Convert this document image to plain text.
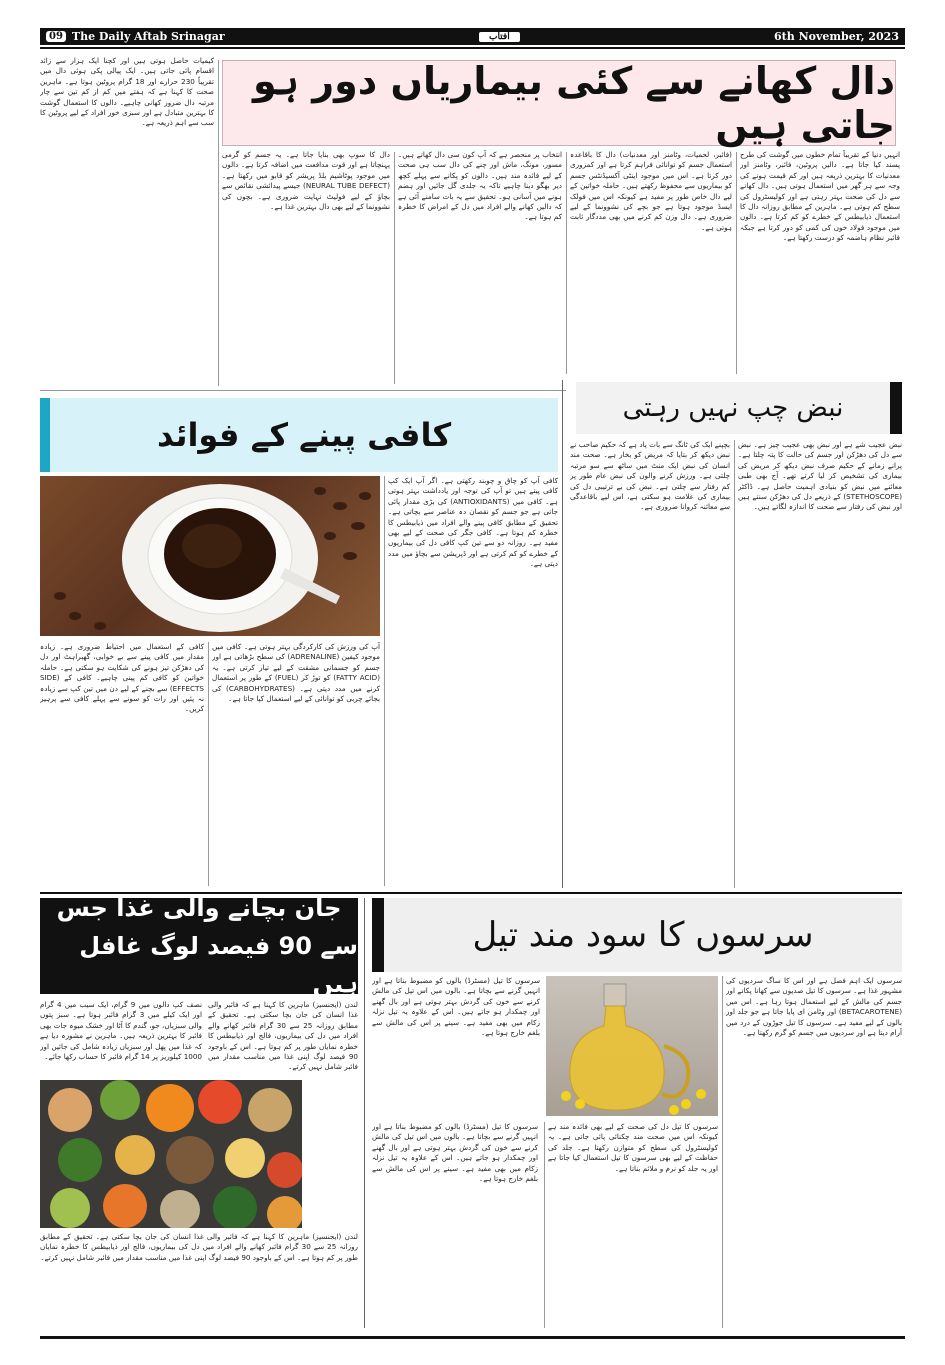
09 The Daily Aftab Srinagar	آفتاب	6th November, 2023
دال کھانے سے کئی بیماریاں دور ہو جاتی ہیں

انہیں دنیا کے تقریباً تمام خطوں میں گوشت کی طرح پسند کیا جاتا ہے۔ دالیں پروٹین، فائبر، وٹامنز اور معدنیات کا بہترین ذریعہ ہیں اور کم قیمت ہونے کی وجہ سے ہر گھر میں استعمال ہوتی ہیں۔ دال کھانے سے دل کی صحت بہتر رہتی ہے اور کولیسٹرول کی سطح کم ہوتی ہے۔ ماہرین کے مطابق روزانہ دال کا استعمال ذیابیطس کے خطرے کو کم کرتا ہے۔ دالوں میں موجود فولاد خون کی کمی کو دور کرتا ہے جبکہ فائبر نظام ہاضمہ کو درست رکھتا ہے۔

(فائبر، لحمیات، وٹامنز اور معدنیات) دال کا باقاعدہ استعمال جسم کو توانائی فراہم کرتا ہے اور کمزوری دور کرتا ہے۔ اس میں موجود اینٹی آکسیڈنٹس جسم کو بیماریوں سے محفوظ رکھتے ہیں۔ حاملہ خواتین کے لیے دال خاص طور پر مفید ہے کیونکہ اس میں فولک ایسڈ موجود ہوتا ہے جو بچے کی نشوونما کے لیے ضروری ہے۔ دال وزن کم کرنے میں بھی مددگار ثابت ہوتی ہے۔

انتخاب پر منحصر ہے کہ آپ کون سی دال کھاتے ہیں۔ مسور، مونگ، ماش اور چنے کی دال سب ہی صحت کے لیے فائدہ مند ہیں۔ دالوں کو پکانے سے پہلے کچھ دیر بھگو دینا چاہیے تاکہ یہ جلدی گل جائیں اور ہضم ہونے میں آسانی ہو۔ تحقیق سے یہ بات سامنے آئی ہے کہ دالیں کھانے والے افراد میں دل کے امراض کا خطرہ کم ہوتا ہے۔

دال کا سوپ بھی بنایا جاتا ہے۔ یہ جسم کو گرمی پہنچاتا ہے اور قوت مدافعت میں اضافہ کرتا ہے۔ دالوں میں موجود پوٹاشیم بلڈ پریشر کو قابو میں رکھتا ہے۔ (NEURAL TUBE DEFECT) جیسے پیدائشی نقائص سے بچاؤ کے لیے فولیٹ نہایت ضروری ہے۔ بچوں کی نشوونما کے لیے بھی دال بہترین غذا ہے۔

کیمیات حاصل ہوتی ہیں اور کچنا ایک ہزار سے زائد اقسام پائی جاتی ہیں۔ ایک پیالی پکی ہوئی دال میں تقریباً 230 حرارے اور 18 گرام پروٹین ہوتا ہے۔ ماہرین صحت کا کہنا ہے کہ ہفتے میں کم از کم تین سے چار مرتبہ دال ضرور کھانی چاہیے۔ دالوں کا استعمال گوشت کا بہترین متبادل ہے اور سبزی خور افراد کے لیے پروٹین کا سب سے اہم ذریعہ ہے۔

کافی پینے کے فوائد

کافی آپ کو چاق و چوبند رکھتی ہے۔ اگر آپ ایک کپ کافی پیتے ہیں تو آپ کی توجہ اور یادداشت بہتر ہوتی ہے۔ کافی میں (ANTIOXIDANTS) کی بڑی مقدار پائی جاتی ہے جو جسم کو نقصان دہ عناصر سے بچاتی ہے۔ تحقیق کے مطابق کافی پینے والے افراد میں ذیابیطس کا خطرہ کم ہوتا ہے۔ کافی جگر کی صحت کے لیے بھی مفید ہے۔ روزانہ دو سے تین کپ کافی دل کی بیماریوں کے خطرے کو کم کرتی ہے اور ڈپریشن سے بچاؤ میں مدد دیتی ہے۔

آپ کی ورزش کی کارکردگی بہتر ہوتی ہے۔ کافی میں موجود کیفین (ADRENALINE) کی سطح بڑھاتی ہے اور جسم کو جسمانی مشقت کے لیے تیار کرتی ہے۔ یہ (FATTY ACID) کو توڑ کر (FUEL) کے طور پر استعمال کرنے میں مدد دیتی ہے۔ (CARBOHYDRATES) کی بجائے چربی کو توانائی کے لیے استعمال کیا جاتا ہے۔

کافی کے استعمال میں احتیاط ضروری ہے۔ زیادہ مقدار میں کافی پینے سے بے خوابی، گھبراہٹ اور دل کی دھڑکن تیز ہونے کی شکایت ہو سکتی ہے۔ حاملہ خواتین کو کافی کم پینی چاہیے۔ کافی کے (SIDE EFFECTS) سے بچنے کے لیے دن میں تین کپ سے زیادہ نہ پئیں اور رات کو سونے سے پہلے کافی سے پرہیز کریں۔

نبض چپ نہیں رہتی

نبض عجیب شے ہے اور نبض بھی عجیب چیز ہے۔ نبض سے دل کی دھڑکن اور جسم کی حالت کا پتہ چلتا ہے۔ پرانے زمانے کے حکیم صرف نبض دیکھ کر مریض کی بیماری کی تشخیص کر لیا کرتے تھے۔ آج بھی طبی معائنے میں نبض کو بنیادی اہمیت حاصل ہے۔ ڈاکٹر (STETHOSCOPE) کے ذریعے دل کی دھڑکن سنتے ہیں اور نبض کی رفتار سے صحت کا اندازہ لگاتے ہیں۔

بچپنے ایک کی ٹانگ سے بات یاد ہے کہ حکیم صاحب نے نبض دیکھ کر بتایا کہ مریض کو بخار ہے۔ صحت مند انسان کی نبض ایک منٹ میں ساٹھ سے سو مرتبہ چلتی ہے۔ ورزش کرنے والوں کی نبض عام طور پر کم رفتار سے چلتی ہے۔ نبض کی بے ترتیبی دل کی بیماری کی علامت ہو سکتی ہے، اس لیے باقاعدگی سے معائنہ کروانا ضروری ہے۔

جان بچانے والی غذا جس
سے 90 فیصد لوگ غافل ہیں

لندن (ایجنسیز) ماہرین کا کہنا ہے کہ فائبر والی غذا انسان کی جان بچا سکتی ہے۔ تحقیق کے مطابق روزانہ 25 سے 30 گرام فائبر کھانے والے افراد میں دل کی بیماریوں، فالج اور ذیابیطس کا خطرہ نمایاں طور پر کم ہوتا ہے۔ اس کے باوجود 90 فیصد لوگ اپنی غذا میں مناسب مقدار میں فائبر شامل نہیں کرتے۔

نصف کپ دالوں میں 9 گرام، ایک سیب میں 4 گرام اور ایک کیلے میں 3 گرام فائبر ہوتا ہے۔ سبز پتوں والی سبزیاں، جو، گندم کا آٹا اور خشک میوہ جات بھی فائبر کا بہترین ذریعہ ہیں۔ ماہرین نے مشورہ دیا ہے کہ غذا میں پھل اور سبزیاں زیادہ شامل کی جائیں اور 1000 کیلوریز پر 14 گرام فائبر کا حساب رکھا جائے۔

لندن (ایجنسیز) ماہرین کا کہنا ہے کہ فائبر والی غذا انسان کی جان بچا سکتی ہے۔ تحقیق کے مطابق روزانہ 25 سے 30 گرام فائبر کھانے والے افراد میں دل کی بیماریوں، فالج اور ذیابیطس کا خطرہ نمایاں طور پر کم ہوتا ہے۔ اس کے باوجود 90 فیصد لوگ اپنی غذا میں مناسب مقدار میں فائبر شامل نہیں کرتے۔

سرسوں کا سود مند تیل

سرسوں ایک اہم فصل ہے اور اس کا ساگ سردیوں کی مشہور غذا ہے۔ سرسوں کا تیل صدیوں سے کھانا پکانے اور جسم کی مالش کے لیے استعمال ہوتا رہا ہے۔ اس میں (BETACAROTENE) اور وٹامن ای پایا جاتا ہے جو جلد اور بالوں کے لیے مفید ہے۔ سرسوں کا تیل جوڑوں کے درد میں آرام دیتا ہے اور سردیوں میں جسم کو گرم رکھتا ہے۔

سرسوں کا تیل (مسٹرڈ) بالوں کو مضبوط بناتا ہے اور انہیں گرنے سے بچاتا ہے۔ بالوں میں اس تیل کی مالش کرنے سے خون کی گردش بہتر ہوتی ہے اور بال گھنے اور چمکدار ہو جاتے ہیں۔ اس کے علاوہ یہ تیل نزلہ زکام میں بھی مفید ہے۔ سینے پر اس کی مالش سے بلغم خارج ہوتا ہے۔

سرسوں کا تیل دل کی صحت کے لیے بھی فائدہ مند ہے کیونکہ اس میں صحت مند چکنائی پائی جاتی ہے۔ یہ کولیسٹرول کی سطح کو متوازن رکھتا ہے۔ جلد کی حفاظت کے لیے بھی سرسوں کا تیل استعمال کیا جاتا ہے اور یہ جلد کو نرم و ملائم بناتا ہے۔

سرسوں کا تیل (مسٹرڈ) بالوں کو مضبوط بناتا ہے اور انہیں گرنے سے بچاتا ہے۔ بالوں میں اس تیل کی مالش کرنے سے خون کی گردش بہتر ہوتی ہے اور بال گھنے اور چمکدار ہو جاتے ہیں۔ اس کے علاوہ یہ تیل نزلہ زکام میں بھی مفید ہے۔ سینے پر اس کی مالش سے بلغم خارج ہوتا ہے۔
